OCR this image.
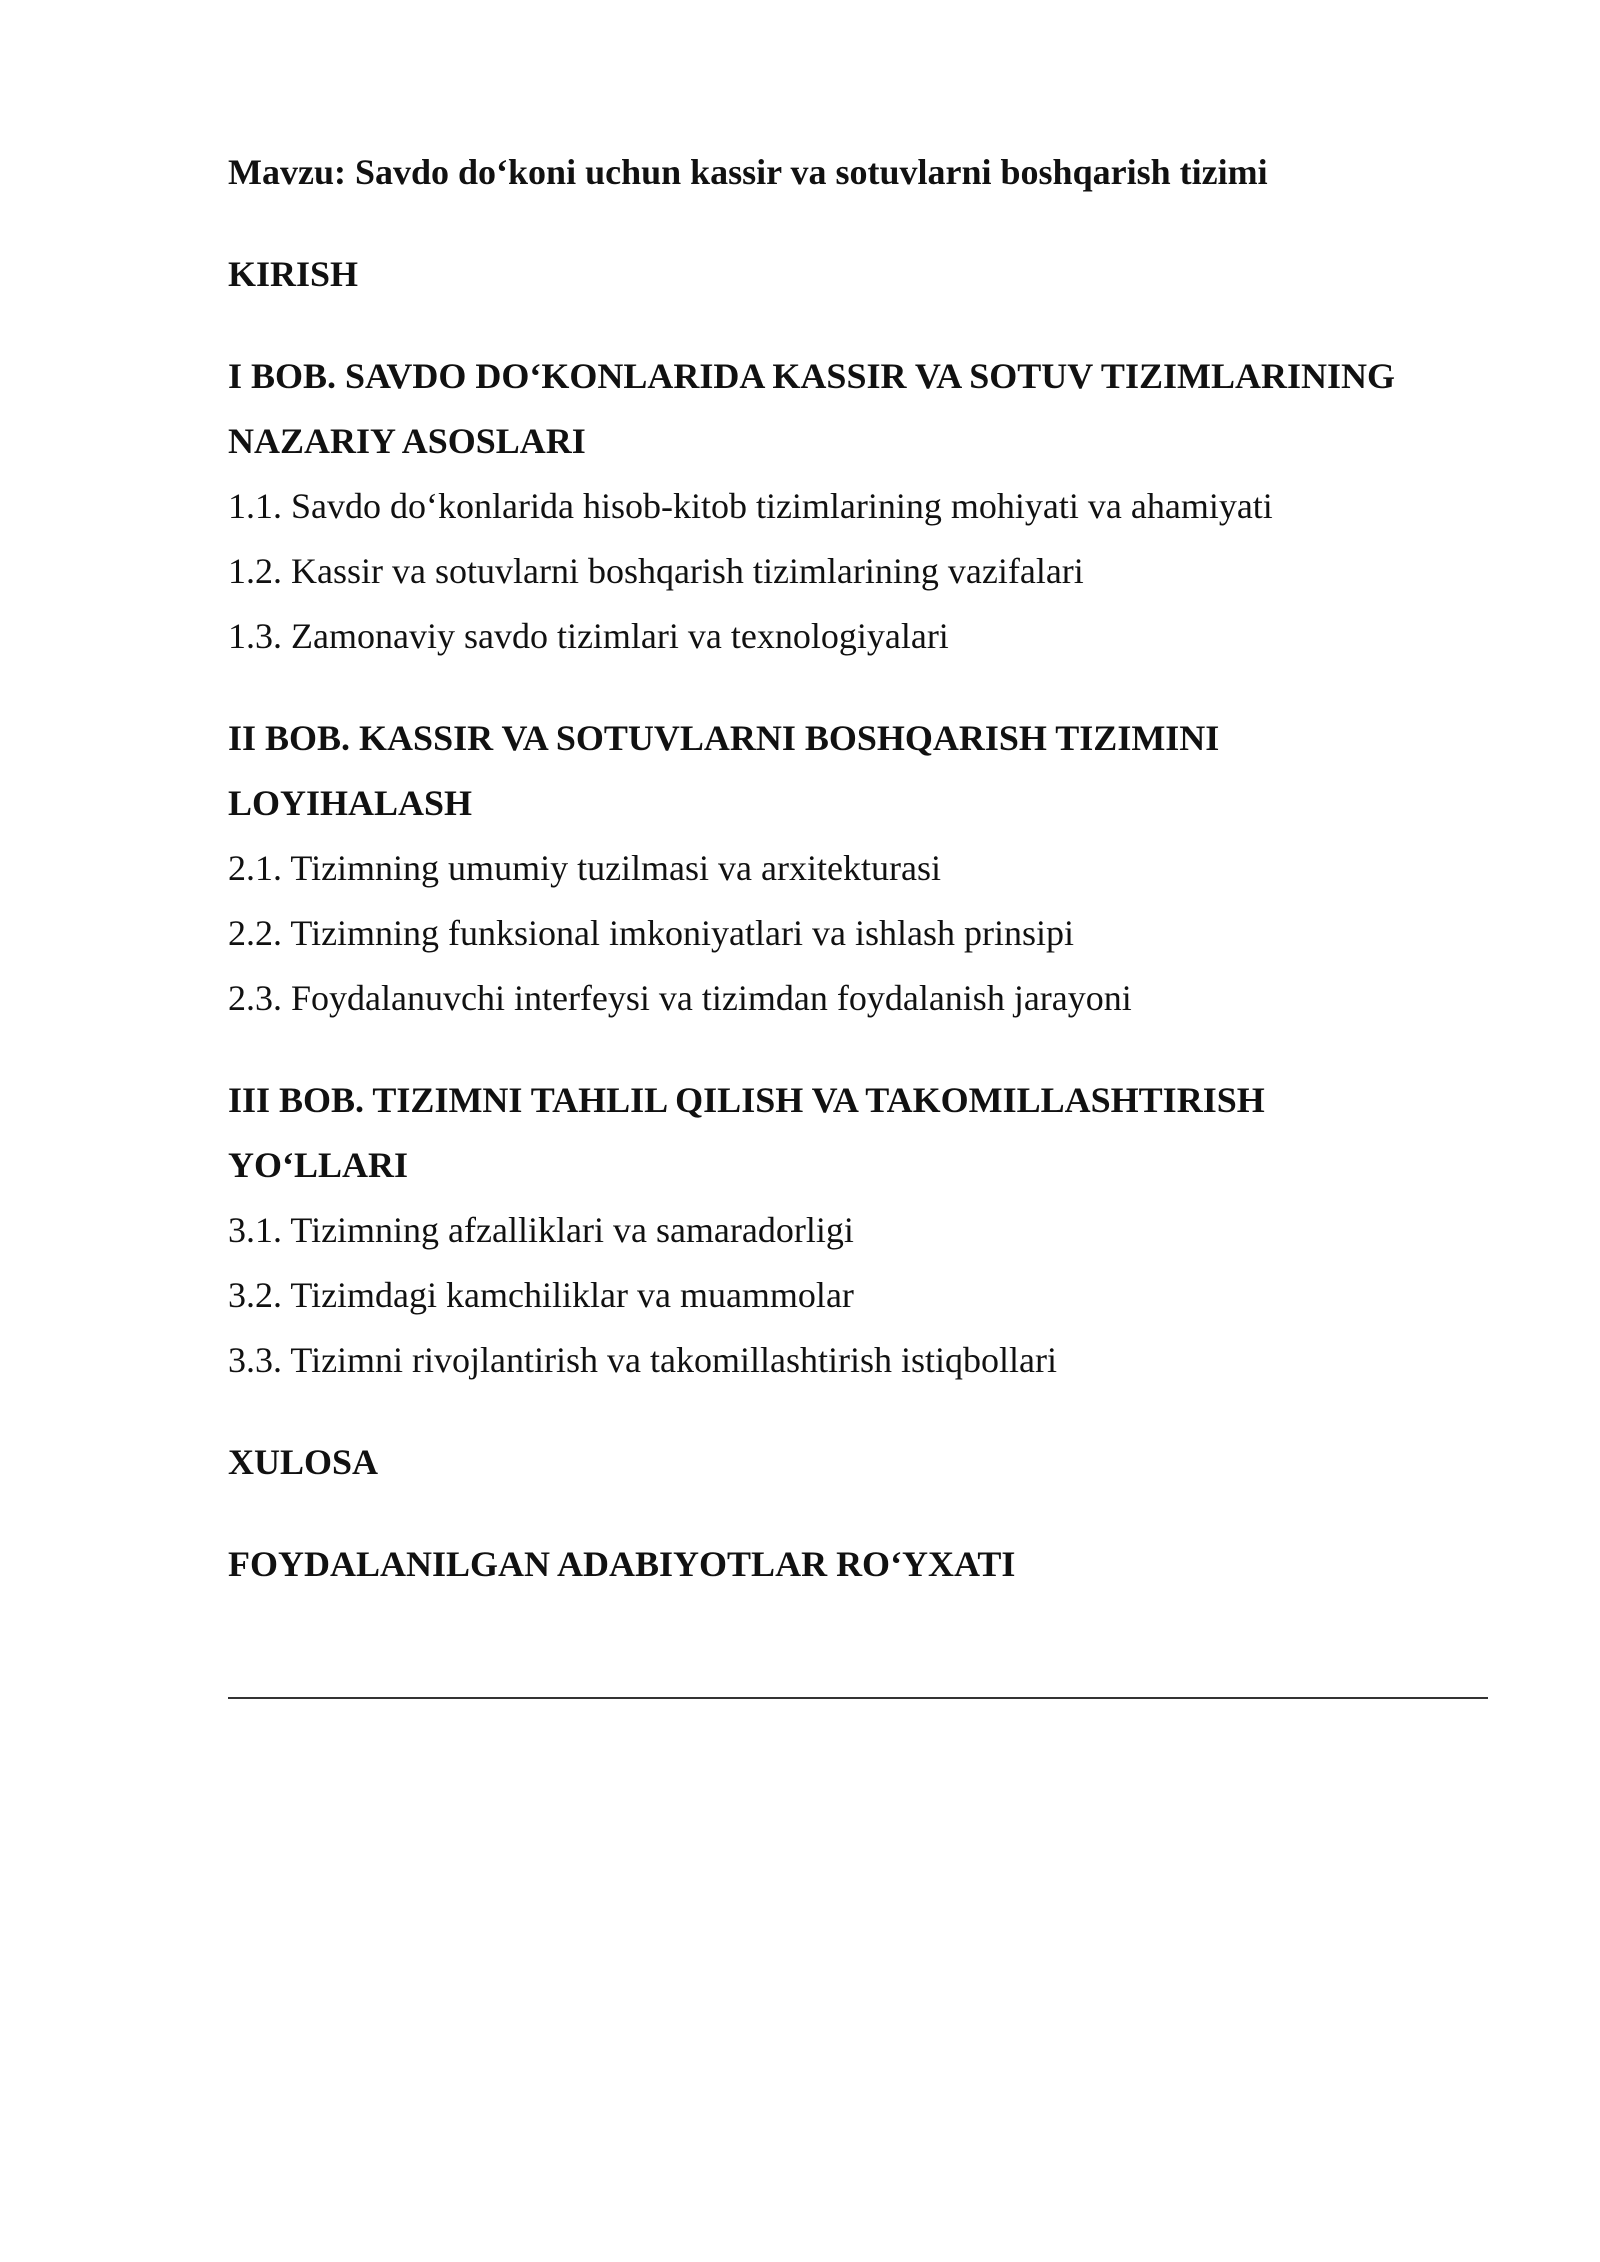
Mavzu: Savdo do‘koni uchun kassir va sotuvlarni boshqarish tizimi
KIRISH
I BOB. SAVDO DO‘KONLARIDA KASSIR VA SOTUV TIZIMLARINING
NAZARIY ASOSLARI
1.1. Savdo do‘konlarida hisob-kitob tizimlarining mohiyati va ahamiyati
1.2. Kassir va sotuvlarni boshqarish tizimlarining vazifalari
1.3. Zamonaviy savdo tizimlari va texnologiyalari
II BOB. KASSIR VA SOTUVLARNI BOSHQARISH TIZIMINI
LOYIHALASH
2.1. Tizimning umumiy tuzilmasi va arxitekturasi
2.2. Tizimning funksional imkoniyatlari va ishlash prinsipi
2.3. Foydalanuvchi interfeysi va tizimdan foydalanish jarayoni
III BOB. TIZIMNI TAHLIL QILISH VA TAKOMILLASHTIRISH
YO‘LLARI
3.1. Tizimning afzalliklari va samaradorligi
3.2. Tizimdagi kamchiliklar va muammolar
3.3. Tizimni rivojlantirish va takomillashtirish istiqbollari
XULOSA
FOYDALANILGAN ADABIYOTLAR RO‘YXATI
